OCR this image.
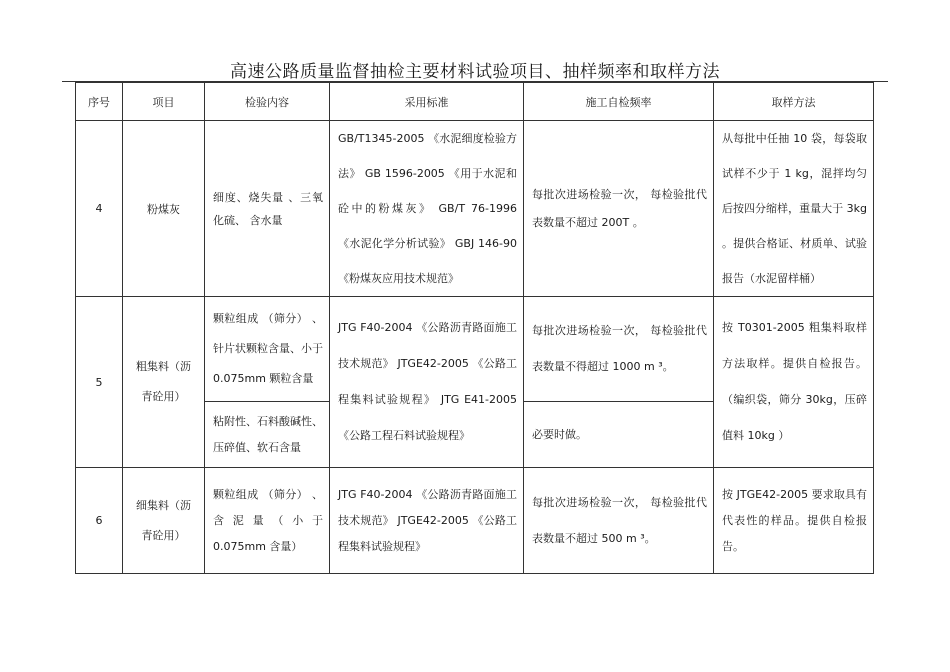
高速公路质量监督抽检主要材料试验项目、抽样频率和取样方法
序号	项目	检验内容	采用标准	施工自检频率	取样方法
4	粉煤灰	细度、烧失量 、三氧化硫、 含水量	GB/T1345-2005 《水泥细度检验方法》 GB 1596-2005 《用于水泥和砼中的粉煤灰》 GB/T 76-1996 《水泥化学分析试验》 GBJ 146-90 《粉煤灰应用技术规范》	每批次进场检验一次， 每检验批代表数量不超过 200T 。	从每批中任抽 10 袋，每袋取试样不少于 1 kg，混拌均匀后按四分缩样，重量大于 3kg 。提供合格证、材质单、试验报告（水泥留样桶）
5	粗集料（沥青砼用）	颗粒组成 （筛分） 、针片状颗粒含量、小于 0.075mm 颗粒含量	JTG F40-2004 《公路沥青路面施工技术规范》 JTGE42-2005 《公路工程集料试验规程》 JTG E41-2005 《公路工程石料试验规程》	每批次进场检验一次， 每检验批代表数量不得超过 1000 m ³。	按 T0301-2005 粗集料取样方法取样。提供自检报告。 （编织袋，筛分 30kg，压碎值料 10kg ）
		粘附性、石料酸碱性、压碎值、软石含量		必要时做。	
6	细集料（沥青砼用）	颗粒组成 （筛分） 、含泥量（小于 0.075mm 含量）	JTG F40-2004 《公路沥青路面施工技术规范》 JTGE42-2005 《公路工程集料试验规程》	每批次进场检验一次， 每检验批代表数量不超过 500 m ³。	按 JTGE42-2005 要求取具有代表性的样品。提供自检报告。
